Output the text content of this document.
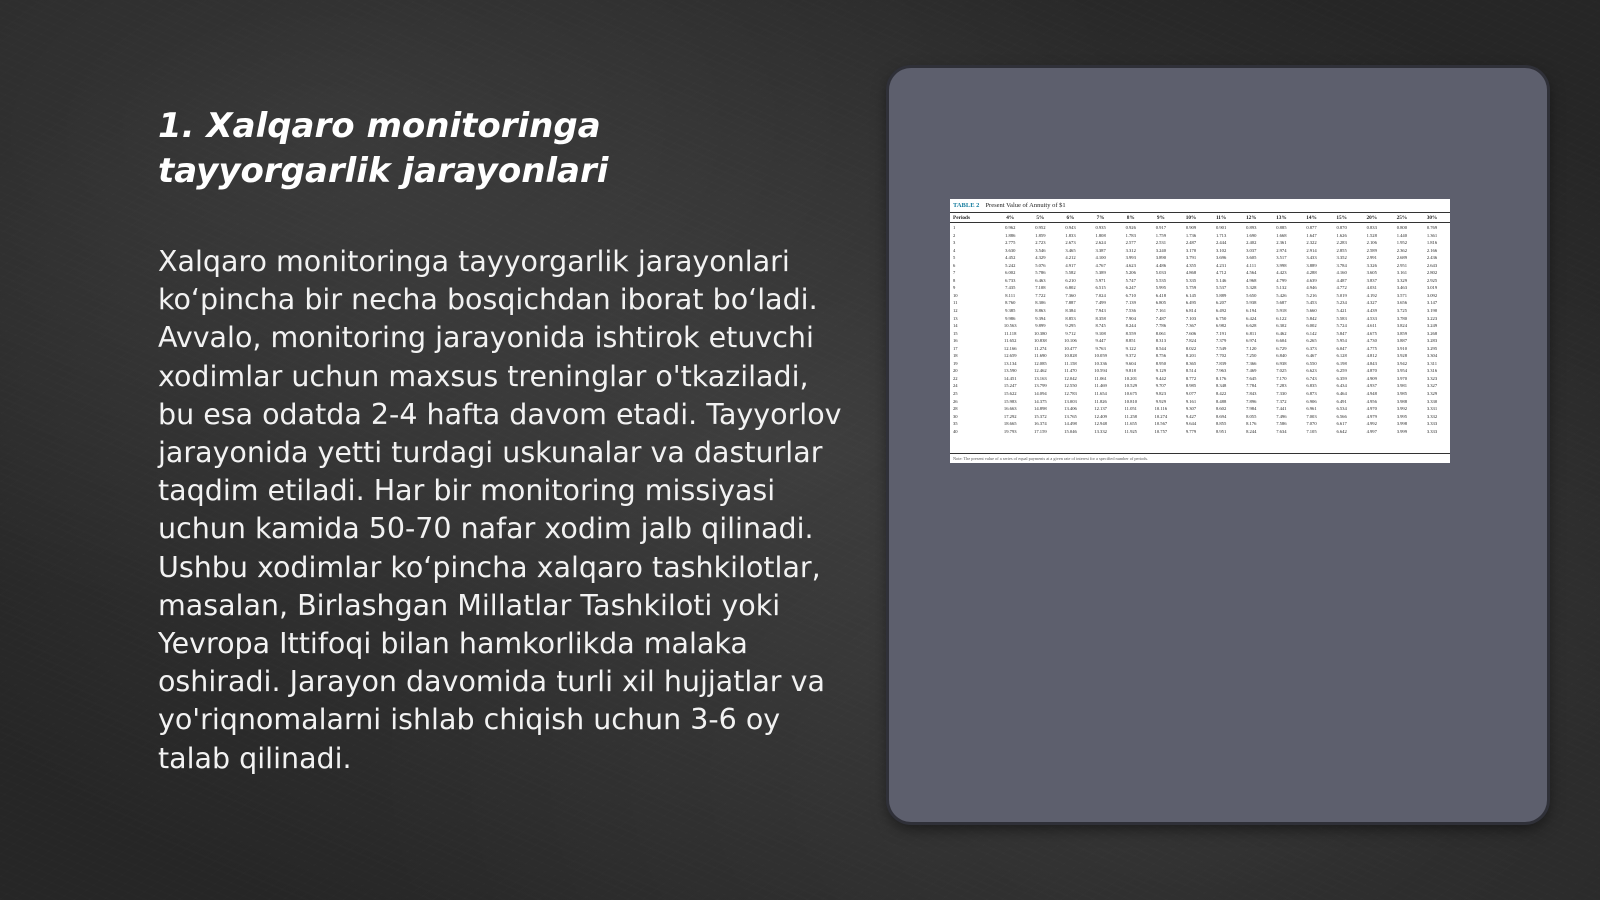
1. Xalqaro monitoringa tayyorgarlik jarayonlari

Xalqaro monitoringa tayyorgarlik jarayonlari ko‘pincha bir necha bosqichdan iborat bo‘ladi. Avvalo, monitoring jarayonida ishtirok etuvchi xodimlar uchun maxsus treninglar o'tkaziladi, bu esa odatda 2-4 hafta davom etadi. Tayyorlov jarayonida yetti turdagi uskunalar va dasturlar taqdim etiladi. Har bir monitoring missiyasi uchun kamida 50-70 nafar xodim jalb qilinadi. Ushbu xodimlar ko‘pincha xalqaro tashkilotlar, masalan, Birlashgan Millatlar Tashkiloti yoki Yevropa Ittifoqi bilan hamkorlikda malaka oshiradi. Jarayon davomida turli xil hujjatlar va yo'riqnomalarni ishlab chiqish uchun 3-6 oy talab qilinadi.

TABLE 2 Present Value of Annuity of $1
Periods	4%	5%	6%	7%	8%	9%	10%	11%	12%	13%	14%	15%	20%	25%	30%
1	0.962	0.952	0.943	0.935	0.926	0.917	0.909	0.901	0.893	0.885	0.877	0.870	0.833	0.800	0.769
2	1.886	1.859	1.833	1.808	1.783	1.759	1.736	1.713	1.690	1.668	1.647	1.626	1.528	1.440	1.361
3	2.775	2.723	2.673	2.624	2.577	2.531	2.487	2.444	2.402	2.361	2.322	2.283	2.106	1.952	1.816
4	3.630	3.546	3.465	3.387	3.312	3.240	3.170	3.102	3.037	2.974	2.914	2.855	2.589	2.362	2.166
5	4.452	4.329	4.212	4.100	3.993	3.890	3.791	3.696	3.605	3.517	3.433	3.352	2.991	2.689	2.436
6	5.242	5.076	4.917	4.767	4.623	4.486	4.355	4.231	4.111	3.998	3.889	3.784	3.326	2.951	2.643
7	6.002	5.786	5.582	5.389	5.206	5.033	4.868	4.712	4.564	4.423	4.288	4.160	3.605	3.161	2.802
8	6.733	6.463	6.210	5.971	5.747	5.535	5.335	5.146	4.968	4.799	4.639	4.487	3.837	3.329	2.925
9	7.435	7.108	6.802	6.515	6.247	5.995	5.759	5.537	5.328	5.132	4.946	4.772	4.031	3.463	3.019
10	8.111	7.722	7.360	7.024	6.710	6.418	6.145	5.889	5.650	5.426	5.216	5.019	4.192	3.571	3.092
11	8.760	8.306	7.887	7.499	7.139	6.805	6.495	6.207	5.938	5.687	5.453	5.234	4.327	3.656	3.147
12	9.385	8.863	8.384	7.943	7.536	7.161	6.814	6.492	6.194	5.918	5.660	5.421	4.439	3.725	3.190
13	9.986	9.394	8.853	8.358	7.904	7.487	7.103	6.750	6.424	6.122	5.842	5.583	4.533	3.780	3.223
14	10.563	9.899	9.295	8.745	8.244	7.786	7.367	6.982	6.628	6.302	6.002	5.724	4.611	3.824	3.249
15	11.118	10.380	9.712	9.108	8.559	8.061	7.606	7.191	6.811	6.462	6.142	5.847	4.675	3.859	3.268
16	11.652	10.838	10.106	9.447	8.851	8.313	7.824	7.379	6.974	6.604	6.265	5.954	4.730	3.887	3.283
17	12.166	11.274	10.477	9.763	9.122	8.544	8.022	7.549	7.120	6.729	6.373	6.047	4.775	3.910	3.295
18	12.659	11.690	10.828	10.059	9.372	8.756	8.201	7.702	7.250	6.840	6.467	6.128	4.812	3.928	3.304
19	13.134	12.085	11.158	10.336	9.604	8.950	8.365	7.839	7.366	6.938	6.550	6.198	4.843	3.942	3.311
20	13.590	12.462	11.470	10.594	9.818	9.129	8.514	7.963	7.469	7.025	6.623	6.259	4.870	3.954	3.316
22	14.451	13.163	12.042	11.061	10.201	9.442	8.772	8.176	7.645	7.170	6.743	6.359	4.909	3.970	3.323
24	15.247	13.799	12.550	11.469	10.529	9.707	8.985	8.348	7.784	7.283	6.835	6.434	4.937	3.981	3.327
25	15.622	14.094	12.783	11.654	10.675	9.823	9.077	8.422	7.843	7.330	6.873	6.464	4.948	3.985	3.329
26	15.983	14.375	13.003	11.826	10.810	9.929	9.161	8.488	7.896	7.372	6.906	6.491	4.956	3.988	3.330
28	16.663	14.898	13.406	12.137	11.051	10.116	9.307	8.602	7.984	7.441	6.961	6.534	4.970	3.992	3.331
30	17.292	15.372	13.765	12.409	11.258	10.274	9.427	8.694	8.055	7.496	7.003	6.566	4.979	3.995	3.332
35	18.665	16.374	14.498	12.948	11.655	10.567	9.644	8.855	8.176	7.586	7.070	6.617	4.992	3.998	3.333
40	19.793	17.159	15.046	13.332	11.925	10.757	9.779	8.951	8.244	7.634	7.105	6.642	4.997	3.999	3.333
Note: The present value of a series of equal payments at a given rate of interest for a specified number of periods.
